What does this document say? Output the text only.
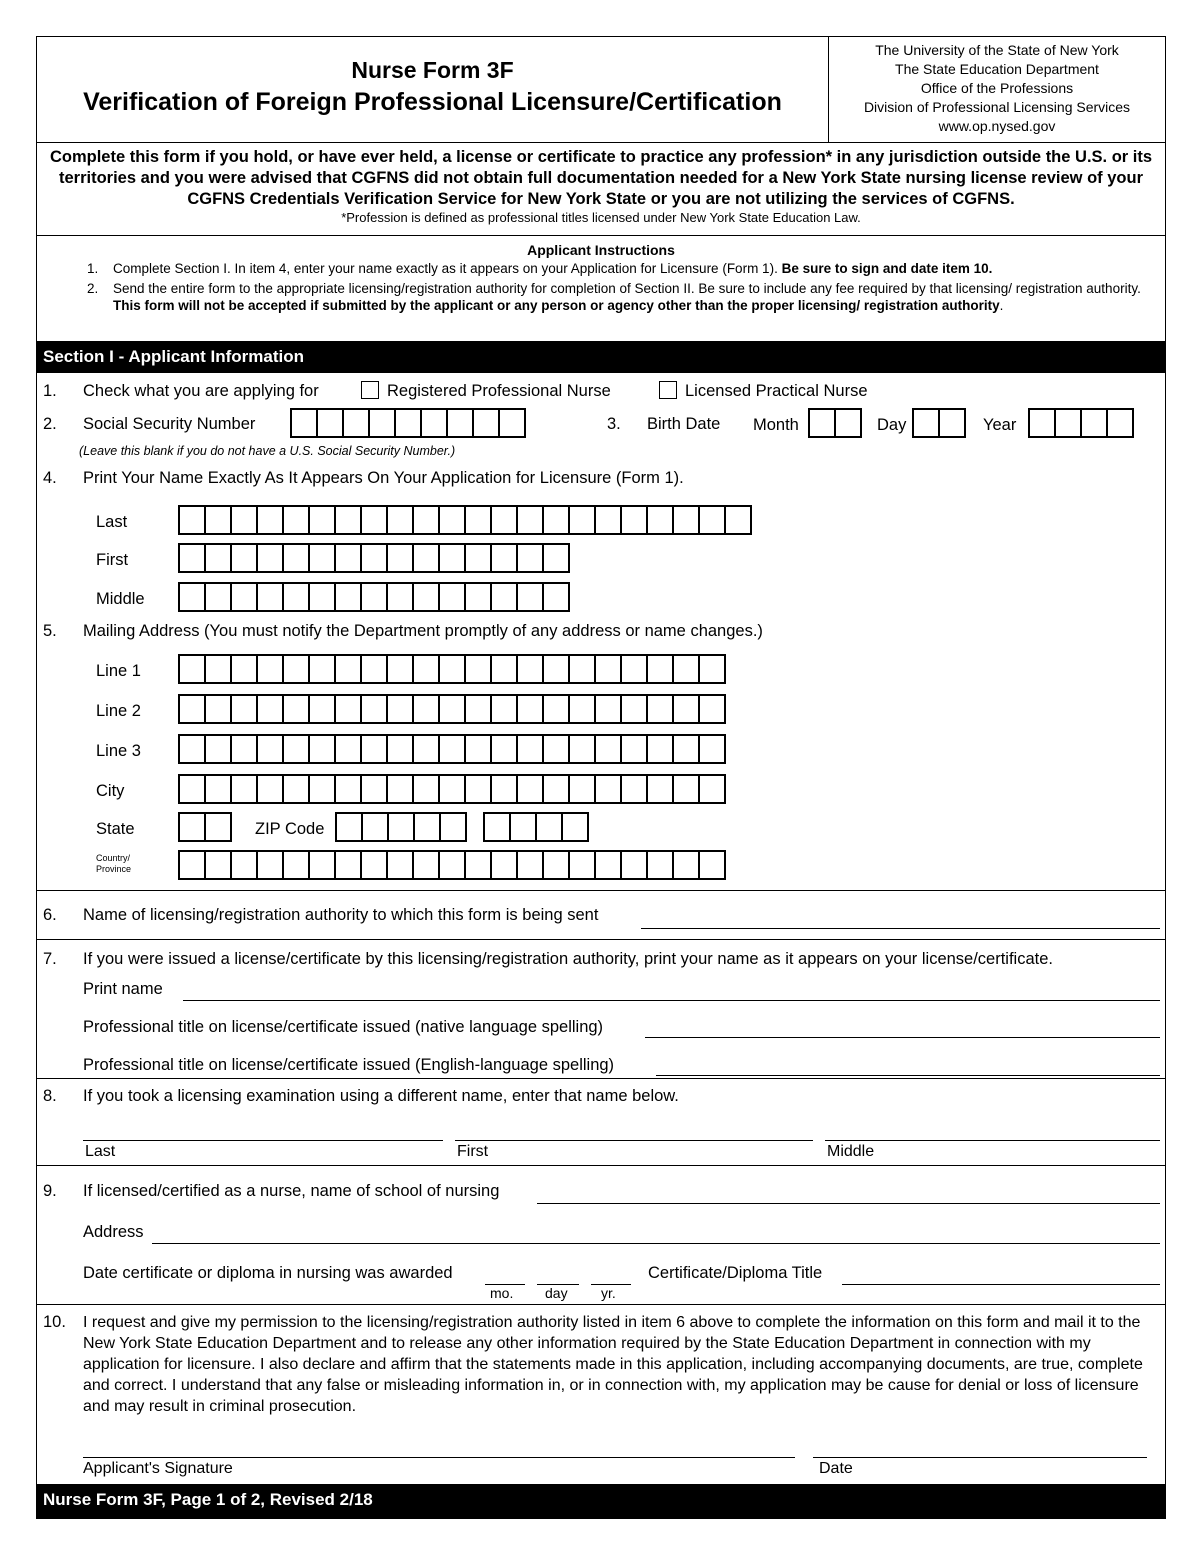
Nurse Form 3F
Verification of Foreign Professional Licensure/Certification
The University of the State of New York
The State Education Department
Office of the Professions
Division of Professional Licensing Services
www.op.nysed.gov
Complete this form if you hold, or have ever held, a license or certificate to practice any profession* in any jurisdiction outside the U.S. or its territories and you were advised that CGFNS did not obtain full documentation needed for a New York State nursing license review of your CGFNS Credentials Verification Service for New York State or you are not utilizing the services of CGFNS.
*Profession is defined as professional titles licensed under New York State Education Law.
Applicant Instructions
1. Complete Section I. In item 4, enter your name exactly as it appears on your Application for Licensure (Form 1). Be sure to sign and date item 10.
2. Send the entire form to the appropriate licensing/registration authority for completion of Section II. Be sure to include any fee required by that licensing/ registration authority. This form will not be accepted if submitted by the applicant or any person or agency other than the proper licensing/ registration authority.
Section I - Applicant Information
1. Check what you are applying for	Registered Professional Nurse	Licensed Practical Nurse
2. Social Security Number
(Leave this blank if you do not have a U.S. Social Security Number.)
3. Birth Date Month	Day	Year
4. Print Your Name Exactly As It Appears On Your Application for Licensure (Form 1).
Last
First
Middle
5. Mailing Address (You must notify the Department promptly of any address or name changes.)
Line 1
Line 2
Line 3
City
State	ZIP Code
Country/
Province
6. Name of licensing/registration authority to which this form is being sent
7. If you were issued a license/certificate by this licensing/registration authority, print your name as it appears on your license/certificate.
Print name
Professional title on license/certificate issued (native language spelling)
Professional title on license/certificate issued (English-language spelling)
8. If you took a licensing examination using a different name, enter that name below.
Last	First	Middle
9. If licensed/certified as a nurse, name of school of nursing
Address
Date certificate or diploma in nursing was awarded
mo. day yr.
Certificate/Diploma Title
10. I request and give my permission to the licensing/registration authority listed in item 6 above to complete the information on this form and mail it to the New York State Education Department and to release any other information required by the State Education Department in connection with my application for licensure. I also declare and affirm that the statements made in this application, including accompanying documents, are true, complete and correct. I understand that any false or misleading information in, or in connection with, my application may be cause for denial or loss of licensure and may result in criminal prosecution.
Applicant's Signature	Date
Nurse Form 3F, Page 1 of 2, Revised 2/18
